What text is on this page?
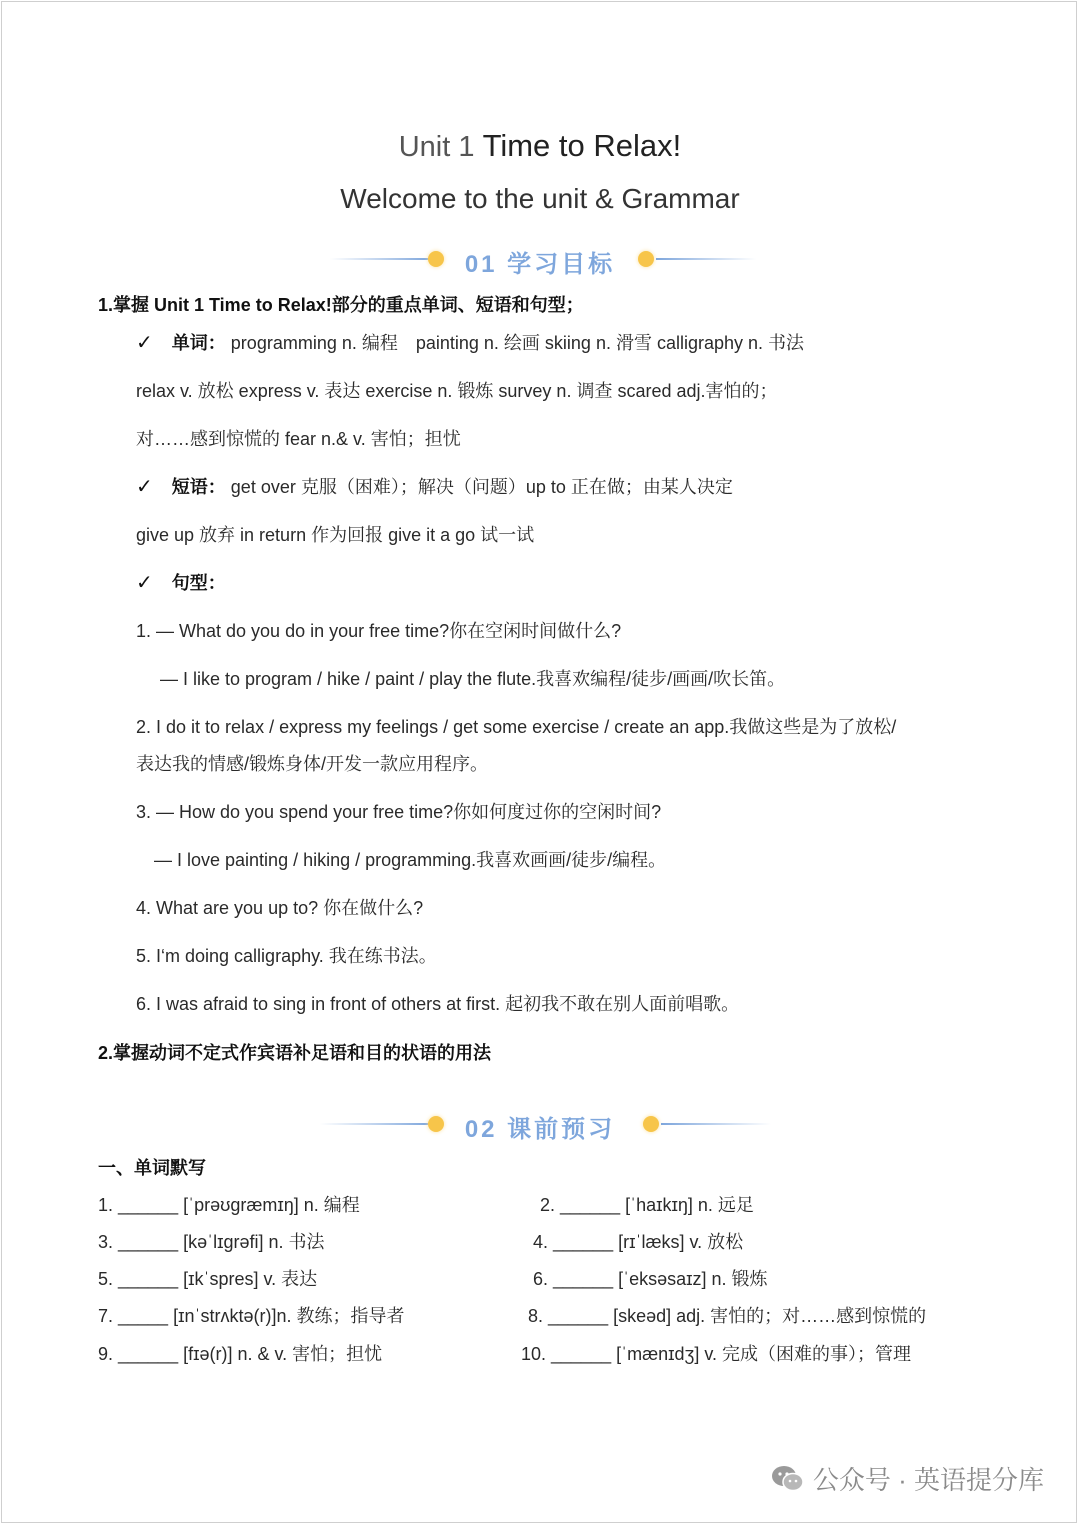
Unit 1 Time to Relax!
Welcome to the unit & Grammar
01 学习目标
1.掌握 Unit 1 Time to Relax!部分的重点单词、短语和句型；
✓ 单词： programming n. 编程　painting n. 绘画 skiing n. 滑雪 calligraphy n. 书法
relax v. 放松 express v. 表达 exercise n. 锻炼 survey n. 调查 scared adj.害怕的；
对……感到惊慌的 fear n.& v. 害怕；担忧
✓ 短语： get over 克服（困难）；解决（问题）up to 正在做；由某人决定
give up 放弃 in return 作为回报 give it a go 试一试
✓ 句型：
1. — What do you do in your free time?你在空闲时间做什么?
— I like to program / hike / paint / play the flute.我喜欢编程/徒步/画画/吹长笛。
2. I do it to relax / express my feelings / get some exercise / create an app.我做这些是为了放松/
表达我的情感/锻炼身体/开发一款应用程序。
3. — How do you spend your free time?你如何度过你的空闲时间?
— I love painting / hiking / programming.我喜欢画画/徒步/编程。
4. What are you up to? 你在做什么?
5. I‘m doing calligraphy. 我在练书法。
6. I was afraid to sing in front of others at first. 起初我不敢在别人面前唱歌。
2.掌握动词不定式作宾语补足语和目的状语的用法
02 课前预习
一、单词默写
1. ______ [ˈprəʊɡræmɪŋ] n. 编程	2. ______ [ˈhaɪkɪŋ] n. 远足
3. ______ [kəˈlɪɡrəfi] n. 书法	4. ______ [rɪˈlæks] v. 放松
5. ______ [ɪkˈspres] v. 表达	6. ______ [ˈeksəsaɪz] n. 锻炼
7. _____ [ɪnˈstrʌktə(r)]n. 教练；指导者	8. ______ [skeəd] adj. 害怕的；对……感到惊慌的
9. ______ [fɪə(r)] n. & v. 害怕；担忧	10. ______ [ˈmænɪdʒ] v. 完成（困难的事）；管理
公众号 · 英语提分库
